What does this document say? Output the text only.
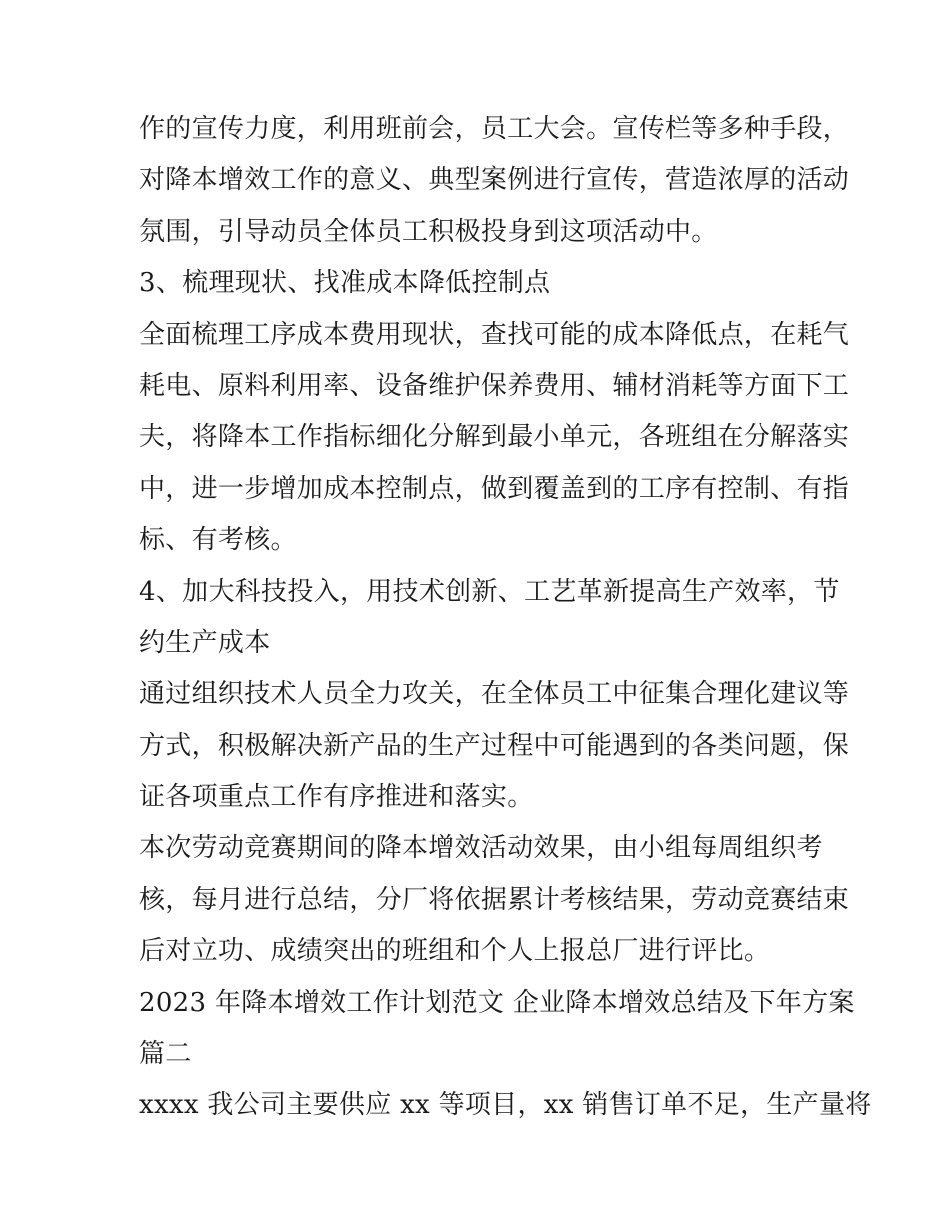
作的宣传力度，利用班前会，员工大会。宣传栏等多种手段，
对降本增效工作的意义、典型案例进行宣传，营造浓厚的活动
氛围，引导动员全体员工积极投身到这项活动中。
3、梳理现状、找准成本降低控制点
全面梳理工序成本费用现状，查找可能的成本降低点，在耗气
耗电、原料利用率、设备维护保养费用、辅材消耗等方面下工
夫，将降本工作指标细化分解到最小单元，各班组在分解落实
中，进一步增加成本控制点，做到覆盖到的工序有控制、有指
标、有考核。
4、加大科技投入，用技术创新、工艺革新提高生产效率，节
约生产成本
通过组织技术人员全力攻关，在全体员工中征集合理化建议等
方式，积极解决新产品的生产过程中可能遇到的各类问题，保
证各项重点工作有序推进和落实。
本次劳动竞赛期间的降本增效活动效果，由小组每周组织考
核，每月进行总结，分厂将依据累计考核结果，劳动竞赛结束
后对立功、成绩突出的班组和个人上报总厂进行评比。
2023 年降本增效工作计划范文 企业降本增效总结及下年方案
篇二
xxxx 我公司主要供应 xx 等项目，xx 销售订单不足，生产量将
